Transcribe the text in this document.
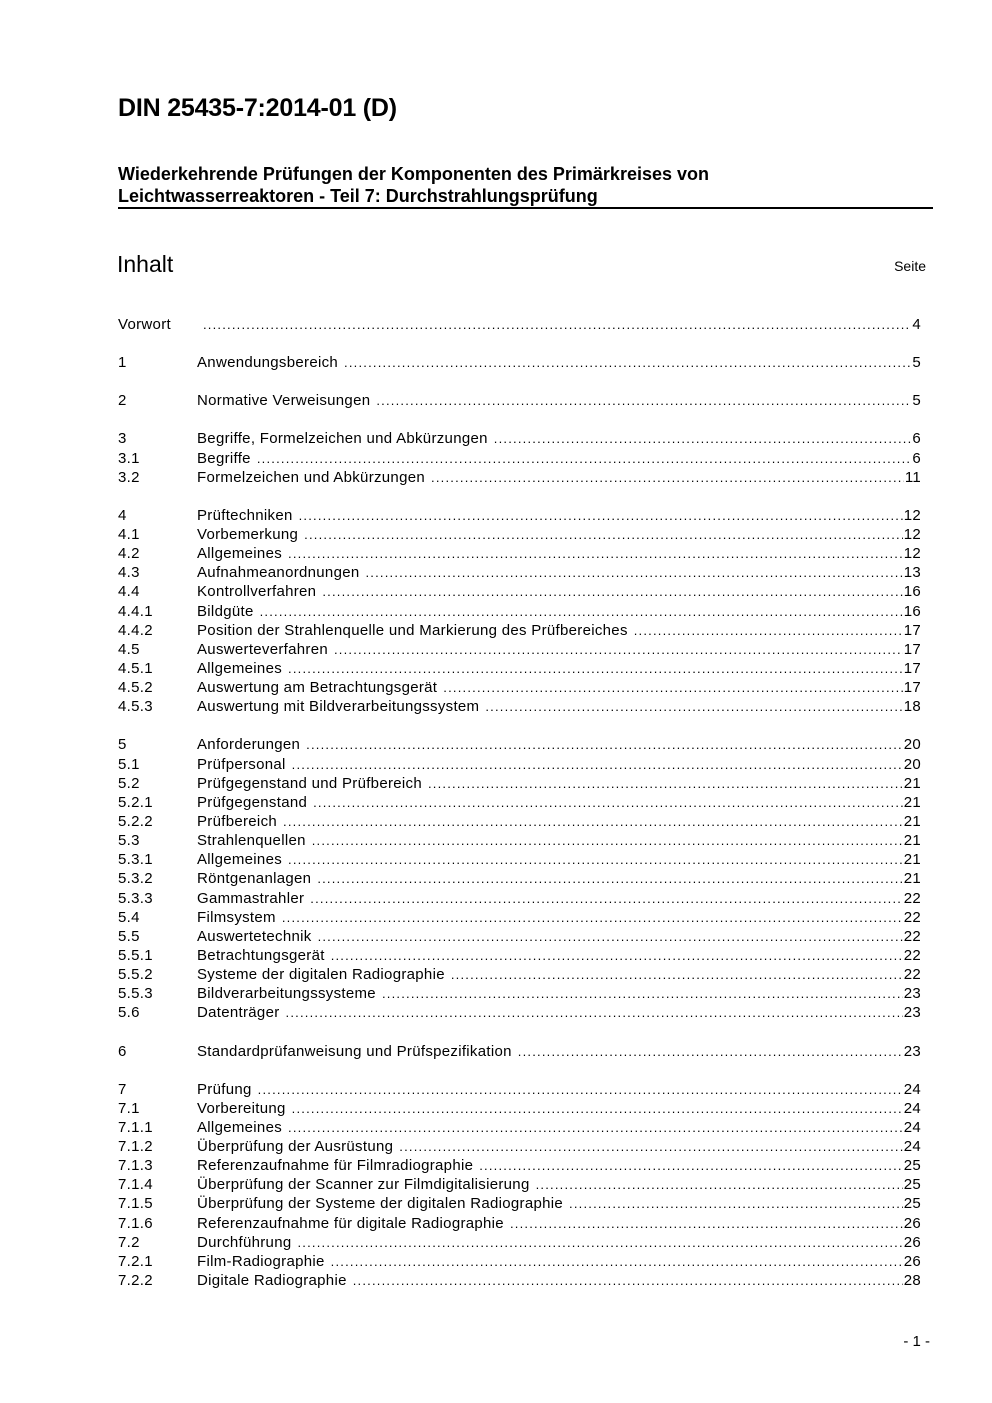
DIN 25435-7:2014-01 (D)
Wiederkehrende Prüfungen der Komponenten des Primärkreises von
Leichtwasserreaktoren - Teil 7: Durchstrahlungsprüfung
Inhalt	Seite
Vorwort .....	4
1	Anwendungsbereich .....	5
2	Normative Verweisungen .....	5
3	Begriffe, Formelzeichen und Abkürzungen .....	6
3.1	Begriffe .....	6
3.2	Formelzeichen und Abkürzungen .....	11
4	Prüftechniken .....	12
4.1	Vorbemerkung .....	12
4.2	Allgemeines .....	12
4.3	Aufnahmeanordnungen .....	13
4.4	Kontrollverfahren .....	16
4.4.1	Bildgüte .....	16
4.4.2	Position der Strahlenquelle und Markierung des Prüfbereiches .....	17
4.5	Auswerteverfahren .....	17
4.5.1	Allgemeines .....	17
4.5.2	Auswertung am Betrachtungsgerät .....	17
4.5.3	Auswertung mit Bildverarbeitungssystem .....	18
5	Anforderungen .....	20
5.1	Prüfpersonal .....	20
5.2	Prüfgegenstand und Prüfbereich .....	21
5.2.1	Prüfgegenstand .....	21
5.2.2	Prüfbereich .....	21
5.3	Strahlenquellen .....	21
5.3.1	Allgemeines .....	21
5.3.2	Röntgenanlagen .....	21
5.3.3	Gammastrahler .....	22
5.4	Filmsystem .....	22
5.5	Auswertetechnik .....	22
5.5.1	Betrachtungsgerät .....	22
5.5.2	Systeme der digitalen Radiographie .....	22
5.5.3	Bildverarbeitungssysteme .....	23
5.6	Datenträger .....	23
6	Standardprüfanweisung und Prüfspezifikation .....	23
7	Prüfung .....	24
7.1	Vorbereitung .....	24
7.1.1	Allgemeines .....	24
7.1.2	Überprüfung der Ausrüstung .....	24
7.1.3	Referenzaufnahme für Filmradiographie .....	25
7.1.4	Überprüfung der Scanner zur Filmdigitalisierung .....	25
7.1.5	Überprüfung der Systeme der digitalen Radiographie .....	25
7.1.6	Referenzaufnahme für digitale Radiographie .....	26
7.2	Durchführung .....	26
7.2.1	Film-Radiographie .....	26
7.2.2	Digitale Radiographie .....	28
- 1 -
